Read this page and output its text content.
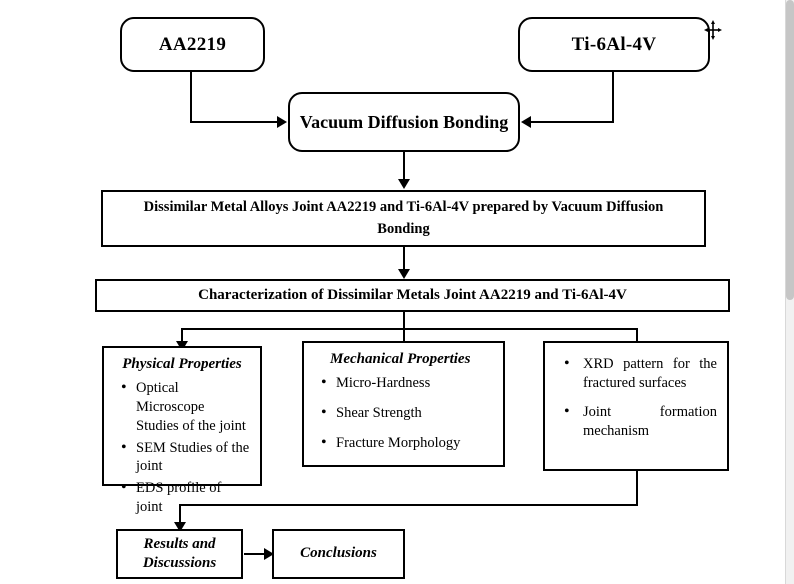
AA2219	Ti-6Al-4V
Vacuum Diffusion Bonding
Dissimilar Metal Alloys Joint AA2219 and Ti-6Al-4V prepared by Vacuum Diffusion Bonding
Characterization of Dissimilar Metals Joint AA2219 and Ti-6Al-4V
Physical Properties
• Optical Microscope Studies of the joint
• SEM Studies of the joint
• EDS profile of joint
Mechanical Properties
• Micro-Hardness
• Shear Strength
• Fracture Morphology
• XRD pattern for the fractured surfaces
• Joint formation mechanism
Results and Discussions
Conclusions
